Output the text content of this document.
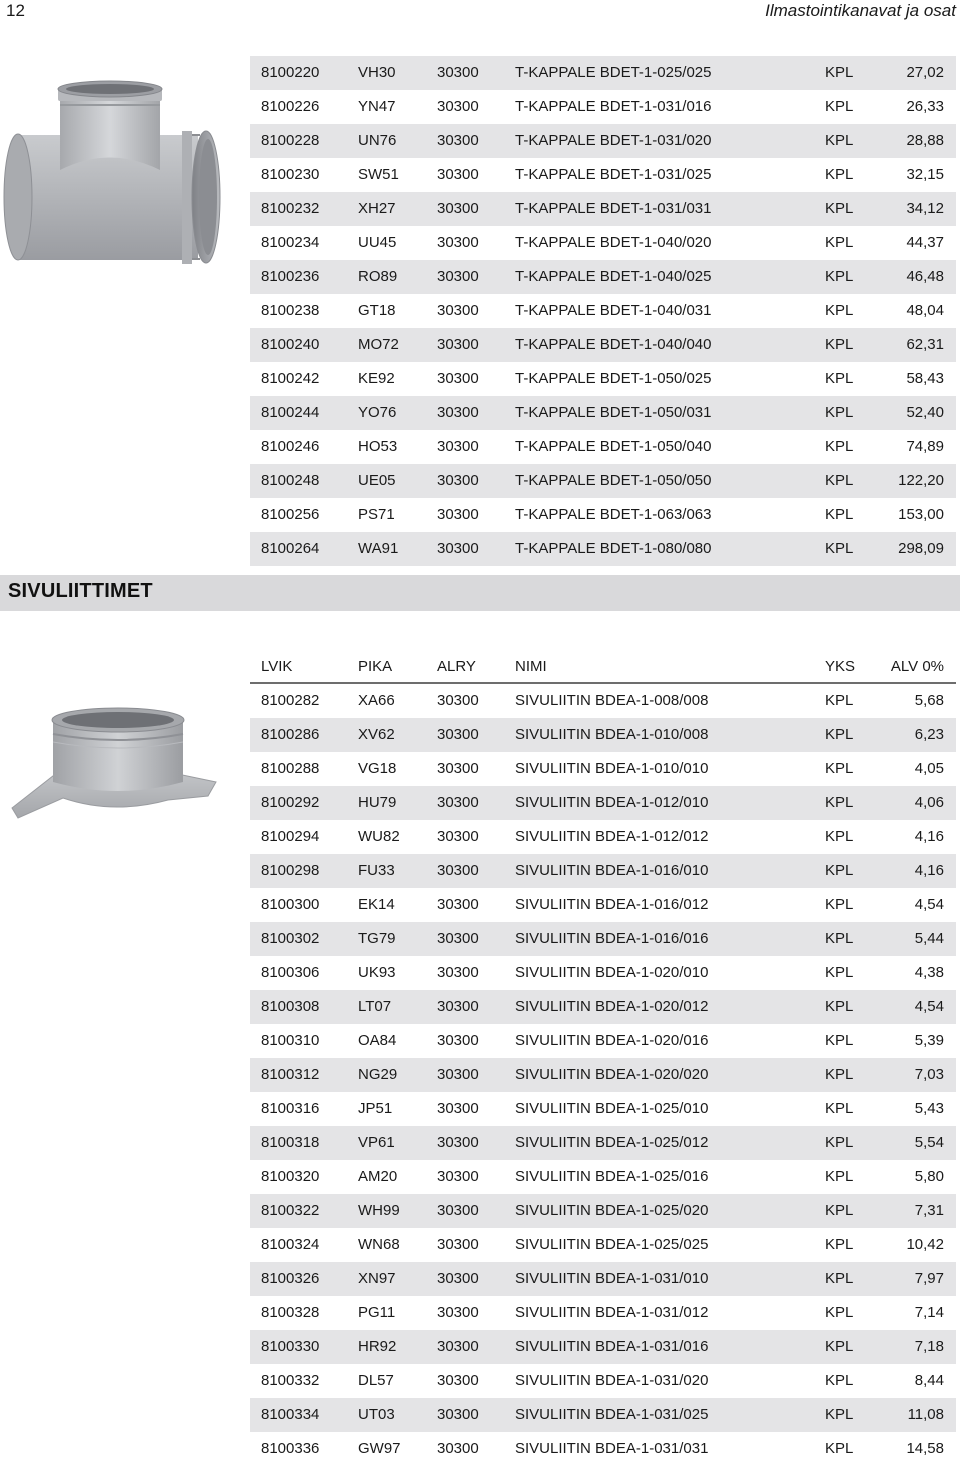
12	Ilmastointikanavat ja osat
8100220	VH30	30300 T-KAPPALE BDET-1-025/025	KPL	27,02
8100226	YN47	30300 T-KAPPALE BDET-1-031/016	KPL	26,33
8100228	UN76	30300 T-KAPPALE BDET-1-031/020	KPL	28,88
8100230	SW51	30300 T-KAPPALE BDET-1-031/025	KPL	32,15
8100232	XH27	30300 T-KAPPALE BDET-1-031/031	KPL	34,12
8100234	UU45	30300 T-KAPPALE BDET-1-040/020	KPL	44,37
8100236	RO89	30300 T-KAPPALE BDET-1-040/025	KPL	46,48
8100238	GT18	30300 T-KAPPALE BDET-1-040/031	KPL	48,04
8100240	MO72	30300 T-KAPPALE BDET-1-040/040	KPL	62,31
8100242	KE92	30300 T-KAPPALE BDET-1-050/025	KPL	58,43
8100244	YO76	30300 T-KAPPALE BDET-1-050/031	KPL	52,40
8100246	HO53	30300 T-KAPPALE BDET-1-050/040	KPL	74,89
8100248	UE05	30300 T-KAPPALE BDET-1-050/050	KPL	122,20
8100256	PS71	30300 T-KAPPALE BDET-1-063/063	KPL	153,00
8100264	WA91	30300 T-KAPPALE BDET-1-080/080	KPL	298,09
SIVULIITTIMET
LVIK	PIKA	ALRY	NIMI	YKS ALV 0%
8100282	XA66	30300 SIVULIITIN BDEA-1-008/008	KPL	5,68
8100286	XV62	30300 SIVULIITIN BDEA-1-010/008	KPL	6,23
8100288	VG18	30300 SIVULIITIN BDEA-1-010/010	KPL	4,05
8100292	HU79	30300 SIVULIITIN BDEA-1-012/010	KPL	4,06
8100294	WU82 30300 SIVULIITIN BDEA-1-012/012	KPL	4,16
8100298	FU33	30300 SIVULIITIN BDEA-1-016/010	KPL	4,16
8100300	EK14	30300 SIVULIITIN BDEA-1-016/012	KPL	4,54
8100302	TG79	30300 SIVULIITIN BDEA-1-016/016	KPL	5,44
8100306	UK93	30300 SIVULIITIN BDEA-1-020/010	KPL	4,38
8100308	LT07	30300 SIVULIITIN BDEA-1-020/012	KPL	4,54
8100310	OA84	30300 SIVULIITIN BDEA-1-020/016	KPL	5,39
8100312	NG29	30300 SIVULIITIN BDEA-1-020/020	KPL	7,03
8100316	JP51	30300 SIVULIITIN BDEA-1-025/010	KPL	5,43
8100318	VP61	30300 SIVULIITIN BDEA-1-025/012	KPL	5,54
8100320	AM20	30300 SIVULIITIN BDEA-1-025/016	KPL	5,80
8100322	WH99 30300 SIVULIITIN BDEA-1-025/020	KPL	7,31
8100324	WN68 30300 SIVULIITIN BDEA-1-025/025	KPL	10,42
8100326	XN97	30300 SIVULIITIN BDEA-1-031/010	KPL	7,97
8100328	PG11	30300 SIVULIITIN BDEA-1-031/012	KPL	7,14
8100330	HR92	30300 SIVULIITIN BDEA-1-031/016	KPL	7,18
8100332	DL57	30300 SIVULIITIN BDEA-1-031/020	KPL	8,44
8100334	UT03	30300 SIVULIITIN BDEA-1-031/025	KPL	11,08
8100336	GW97 30300 SIVULIITIN BDEA-1-031/031	KPL	14,58
